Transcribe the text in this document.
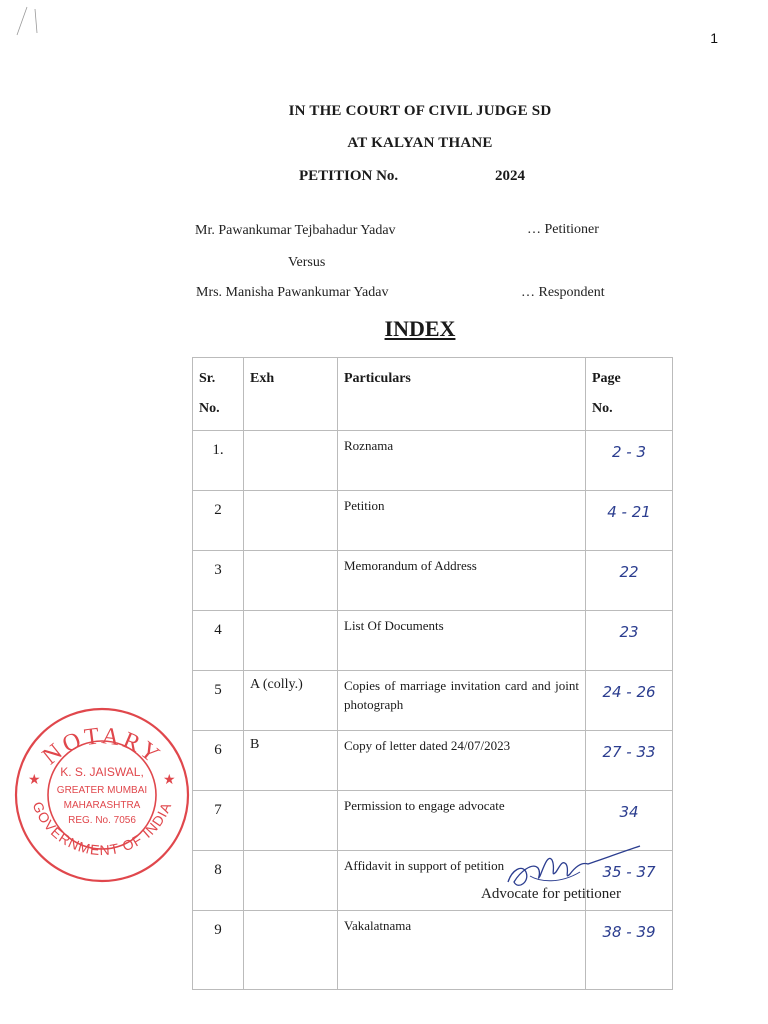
1
IN THE COURT OF CIVIL JUDGE SD
AT KALYAN THANE
PETITION No.	2024
Mr. Pawankumar Tejbahadur Yadav	… Petitioner
Versus
Mrs. Manisha Pawankumar Yadav	… Respondent
INDEX
Sr.
No.	Exh	Particulars	Page
No.
1.		Roznama	2 - 3
2		Petition	4 - 21
3		Memorandum of Address	22
4		List Of Documents	23
5	A (colly.)	Copies of marriage invitation card and joint photograph	24 - 26
6	B	Copy of letter dated 24/07/2023	27 - 33
7		Permission to engage advocate	34
8		Affidavit in support of petition	35 - 37
9		Vakalatnama	38 - 39
NOTARY
GOVERNMENT OF INDIA
★	★
K. S. JAISWAL,
GREATER MUMBAI
MAHARASHTRA
REG. No. 7056
Advocate for petitioner
